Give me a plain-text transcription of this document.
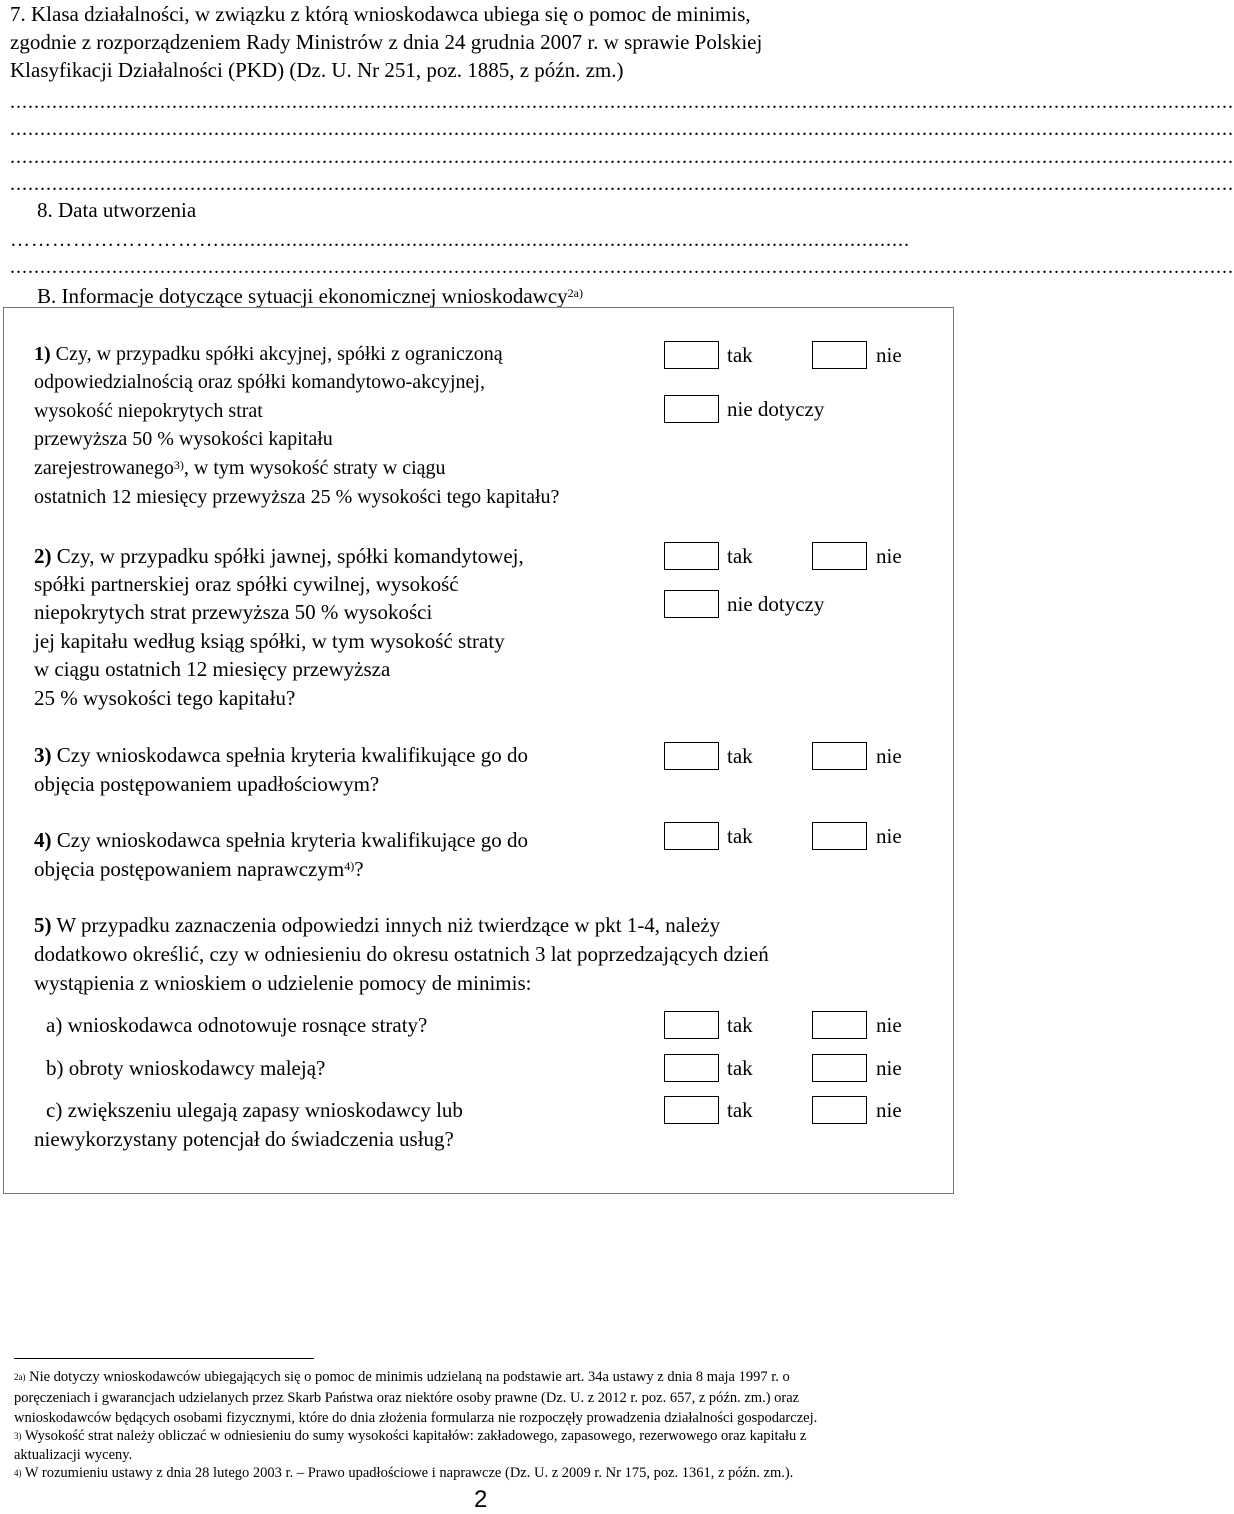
7. Klasa działalności, w związku z którą wnioskodawca ubiega się o pomoc de minimis,
zgodnie z rozporządzeniem Rady Ministrów z dnia 24 grudnia 2007 r. w sprawie Polskiej
Klasyfikacji Działalności (PKD) (Dz. U. Nr 251, poz. 1885, z późn. zm.)
............................................................................................................................................................................................................
............................................................................................................................................................................................................
............................................................................................................................................................................................................
............................................................................................................................................................................................................
8. Data utworzenia
…………………………...................................................................................................................
............................................................................................................................................................................................................
B. Informacje dotyczące sytuacji ekonomicznej wnioskodawcy$^{2a)}$
1) Czy, w przypadku spółki akcyjnej, spółki z ograniczoną
odpowiedzialnością oraz spółki komandytowo-akcyjnej,
wysokość niepokrytych strat
przewyższa 50 % wysokości kapitału
zarejestrowanego$^{3)}$, w tym wysokość straty w ciągu
ostatnich 12 miesięcy przewyższa 25 % wysokości tego kapitału?
tak	nie
nie dotyczy
2) Czy, w przypadku spółki jawnej, spółki komandytowej,
spółki partnerskiej oraz spółki cywilnej, wysokość
niepokrytych strat przewyższa 50 % wysokości
jej kapitału według ksiąg spółki, w tym wysokość straty
w ciągu ostatnich 12 miesięcy przewyższa
25 % wysokości tego kapitału?
tak	nie
nie dotyczy
3) Czy wnioskodawca spełnia kryteria kwalifikujące go do
objęcia postępowaniem upadłościowym?
tak	nie
4) Czy wnioskodawca spełnia kryteria kwalifikujące go do
objęcia postępowaniem naprawczym$^{4)}$?
tak	nie
5) W przypadku zaznaczenia odpowiedzi innych niż twierdzące w pkt 1-4, należy
dodatkowo określić, czy w odniesieniu do okresu ostatnich 3 lat poprzedzających dzień
wystąpienia z wnioskiem o udzielenie pomocy de minimis:
a) wnioskodawca odnotowuje rosnące straty?	tak	nie
b) obroty wnioskodawcy maleją?	tak	nie
c) zwiększeniu ulegają zapasy wnioskodawcy lub
niewykorzystany potencjał do świadczenia usług?
tak	nie
$^{2a)}$ Nie dotyczy wnioskodawców ubiegających się o pomoc de minimis udzielaną na podstawie art. 34a ustawy z dnia 8 maja 1997 r. o
poręczeniach i gwarancjach udzielanych przez Skarb Państwa oraz niektóre osoby prawne (Dz. U. z 2012 r. poz. 657, z późn. zm.) oraz
wnioskodawców będących osobami fizycznymi, które do dnia złożenia formularza nie rozpoczęły prowadzenia działalności gospodarczej.
$^{3)}$ Wysokość strat należy obliczać w odniesieniu do sumy wysokości kapitałów: zakładowego, zapasowego, rezerwowego oraz kapitału z
aktualizacji wyceny.
$^{4)}$ W rozumieniu ustawy z dnia 28 lutego 2003 r. – Prawo upadłościowe i naprawcze (Dz. U. z 2009 r. Nr 175, poz. 1361, z późn. zm.).
2
